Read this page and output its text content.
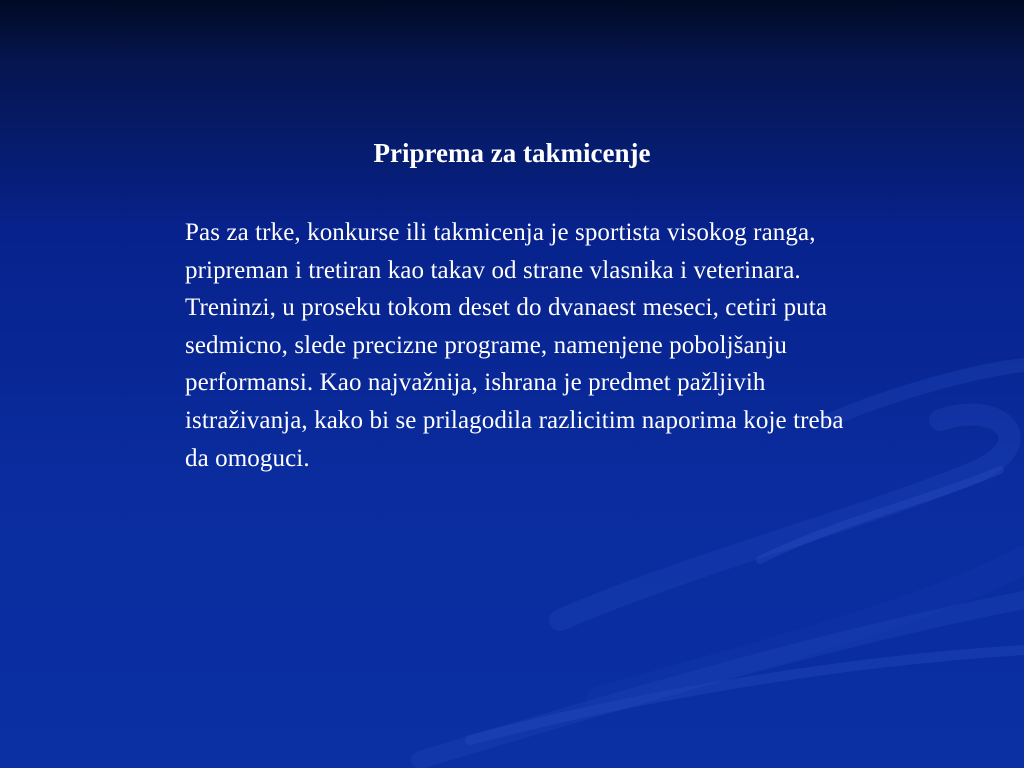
Priprema za takmicenje

Pas za trke, konkurse ili takmicenja je sportista visokog ranga, pripreman i tretiran kao takav od strane vlasnika i veterinara. Treninzi, u proseku tokom deset do dvanaest meseci, cetiri puta sedmicno, slede precizne programe, namenjene poboljšanju performansi. Kao najvažnija, ishrana je predmet pažljivih istraživanja, kako bi se prilagodila razlicitim naporima koje treba da omoguci.
